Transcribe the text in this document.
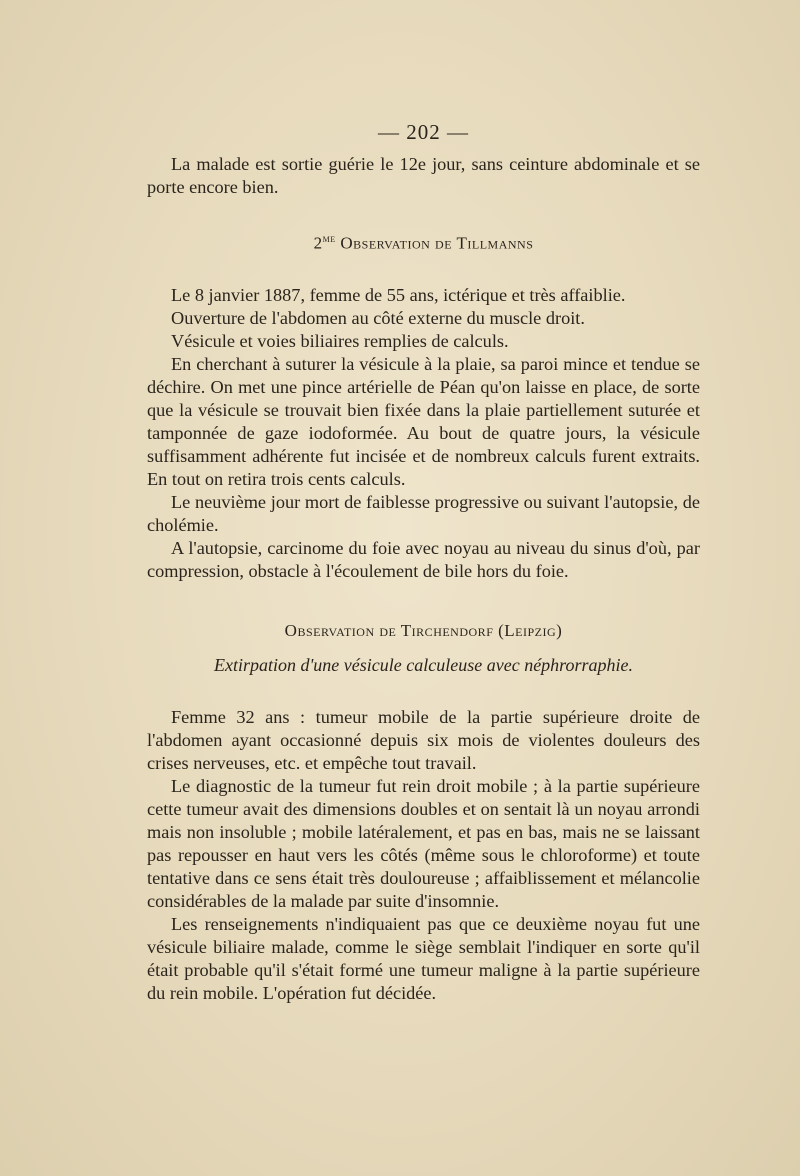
— 202 —

La malade est sortie guérie le 12e jour, sans ceinture abdominale et se porte encore bien.

$2^{me}$ Observation de Tillmanns

Le 8 janvier 1887, femme de 55 ans, ictérique et très affaiblie.

Ouverture de l'abdomen au côté externe du muscle droit.

Vésicule et voies biliaires remplies de calculs.

En cherchant à suturer la vésicule à la plaie, sa paroi mince et tendue se déchire. On met une pince artérielle de Péan qu'on laisse en place, de sorte que la vésicule se trouvait bien fixée dans la plaie partiellement suturée et tamponnée de gaze iodoformée. Au bout de quatre jours, la vésicule suffisamment adhérente fut incisée et de nombreux calculs furent extraits. En tout on retira trois cents calculs.

Le neuvième jour mort de faiblesse progressive ou suivant l'autopsie, de cholémie.

A l'autopsie, carcinome du foie avec noyau au niveau du sinus d'où, par compression, obstacle à l'écoulement de bile hors du foie.

Observation de Tirchendorf (Leipzig)
Extirpation d'une vésicule calculeuse avec néphrorraphie.

Femme 32 ans : tumeur mobile de la partie supérieure droite de l'abdomen ayant occasionné depuis six mois de violentes douleurs des crises nerveuses, etc. et empêche tout travail.

Le diagnostic de la tumeur fut rein droit mobile ; à la partie supérieure cette tumeur avait des dimensions doubles et on sentait là un noyau arrondi mais non insoluble ; mobile latéralement, et pas en bas, mais ne se laissant pas repousser en haut vers les côtés (même sous le chloroforme) et toute tentative dans ce sens était très douloureuse ; affaiblissement et mélancolie considérables de la malade par suite d'insomnie.

Les renseignements n'indiquaient pas que ce deuxième noyau fut une vésicule biliaire malade, comme le siège semblait l'indiquer en sorte qu'il était probable qu'il s'était formé une tumeur maligne à la partie supérieure du rein mobile. L'opération fut décidée.
